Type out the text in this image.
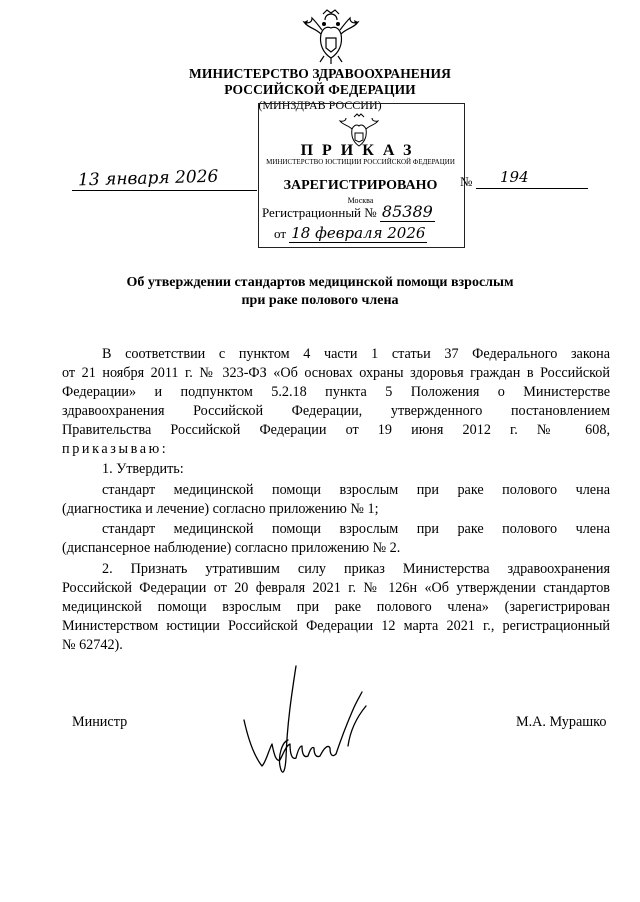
МИНИСТЕРСТВО ЗДРАВООХРАНЕНИЯ
РОССИЙСКОЙ ФЕДЕРАЦИИ
(МИНЗДРАВ РОССИИ)
ПРИКАЗ
МИНИСТЕРСТВО ЮСТИЦИИ РОССИЙСКОЙ ФЕДЕРАЦИИ
ЗАРЕГИСТРИРОВАНО
Москва
Регистрационный № 85389
от 18 февраля 2026
13 января 2026	№ 194
Об утверждении стандартов медицинской помощи взрослым
при раке полового члена
В соответствии с пунктом 4 части 1 статьи 37 Федерального закона
от 21 ноября 2011 г. № 323-ФЗ «Об основах охраны здоровья граждан в Российской
Федерации» и подпунктом 5.2.18 пункта 5 Положения о Министерстве
здравоохранения Российской Федерации, утвержденного постановлением
Правительства Российской Федерации от 19 июня 2012 г. № 608,
приказываю:
1. Утвердить:
стандарт медицинской помощи взрослым при раке полового члена
(диагностика и лечение) согласно приложению № 1;
стандарт медицинской помощи взрослым при раке полового члена
(диспансерное наблюдение) согласно приложению № 2.
2. Признать утратившим силу приказ Министерства здравоохранения
Российской Федерации от 20 февраля 2021 г. № 126н «Об утверждении стандартов
медицинской помощи взрослым при раке полового члена» (зарегистрирован
Министерством юстиции Российской Федерации 12 марта 2021 г., регистрационный
№ 62742).
Министр	М.А. Мурашко
